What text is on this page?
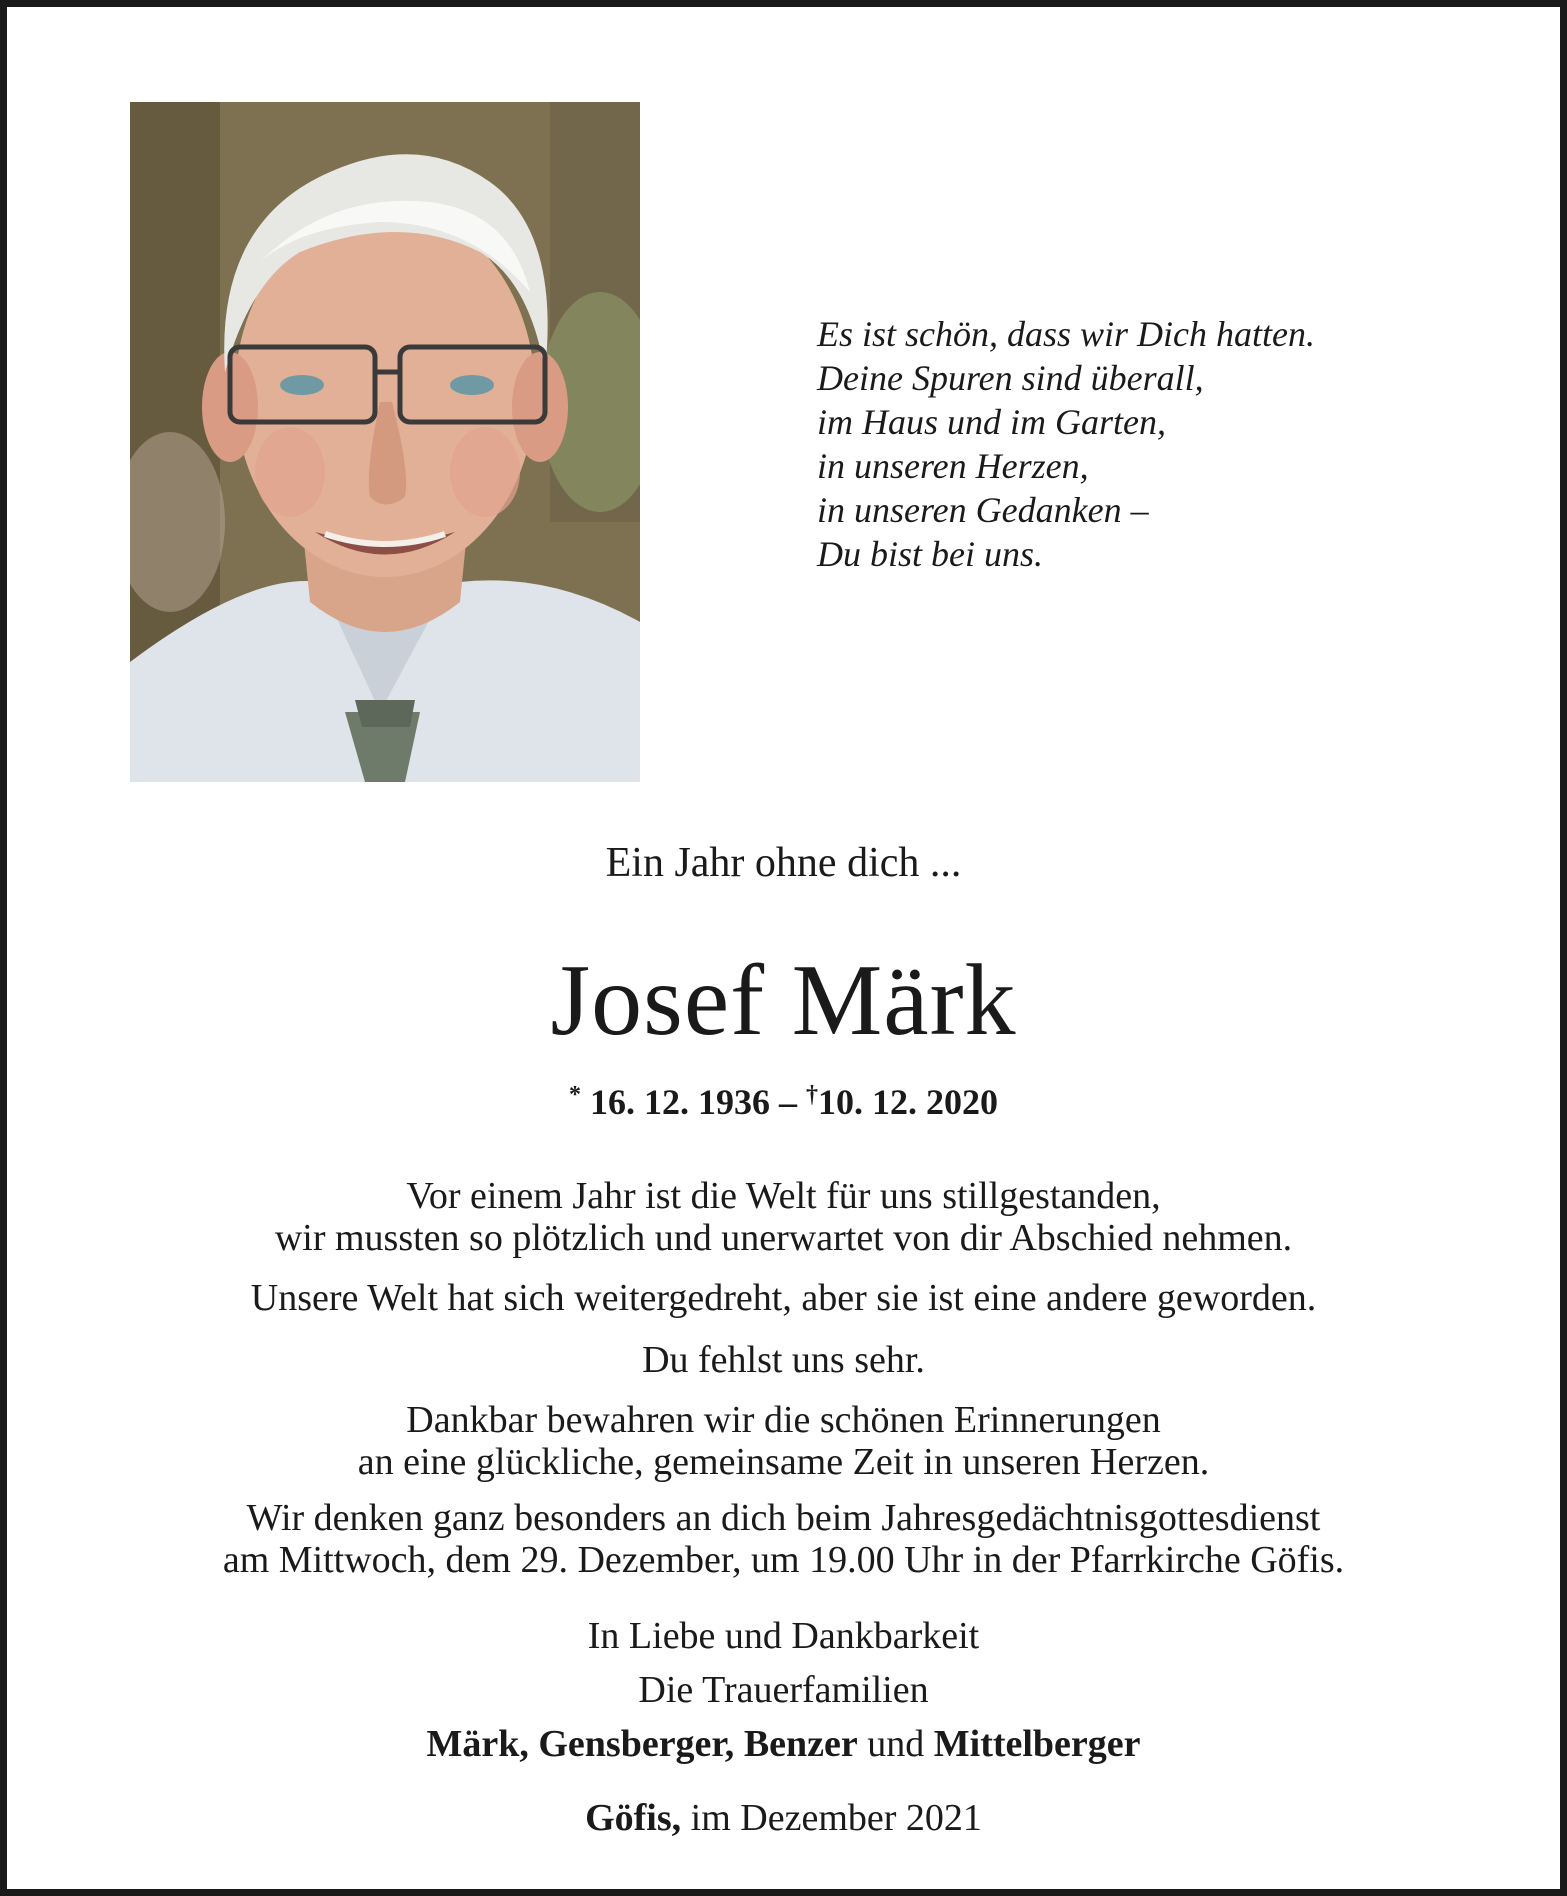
Es ist schön, dass wir Dich hatten.
Deine Spuren sind überall,
im Haus und im Garten,
in unseren Herzen,
in unseren Gedanken –
Du bist bei uns.
Ein Jahr ohne dich ...
Josef Märk
* 16. 12. 1936 – †10. 12. 2020
Vor einem Jahr ist die Welt für uns stillgestanden,
wir mussten so plötzlich und unerwartet von dir Abschied nehmen.
Unsere Welt hat sich weitergedreht, aber sie ist eine andere geworden.
Du fehlst uns sehr.
Dankbar bewahren wir die schönen Erinnerungen
an eine glückliche, gemeinsame Zeit in unseren Herzen.
Wir denken ganz besonders an dich beim Jahresgedächtnisgottesdienst
am Mittwoch, dem 29. Dezember, um 19.00 Uhr in der Pfarrkirche Göfis.
In Liebe und Dankbarkeit
Die Trauerfamilien
Märk, Gensberger, Benzer und Mittelberger
Göfis, im Dezember 2021
